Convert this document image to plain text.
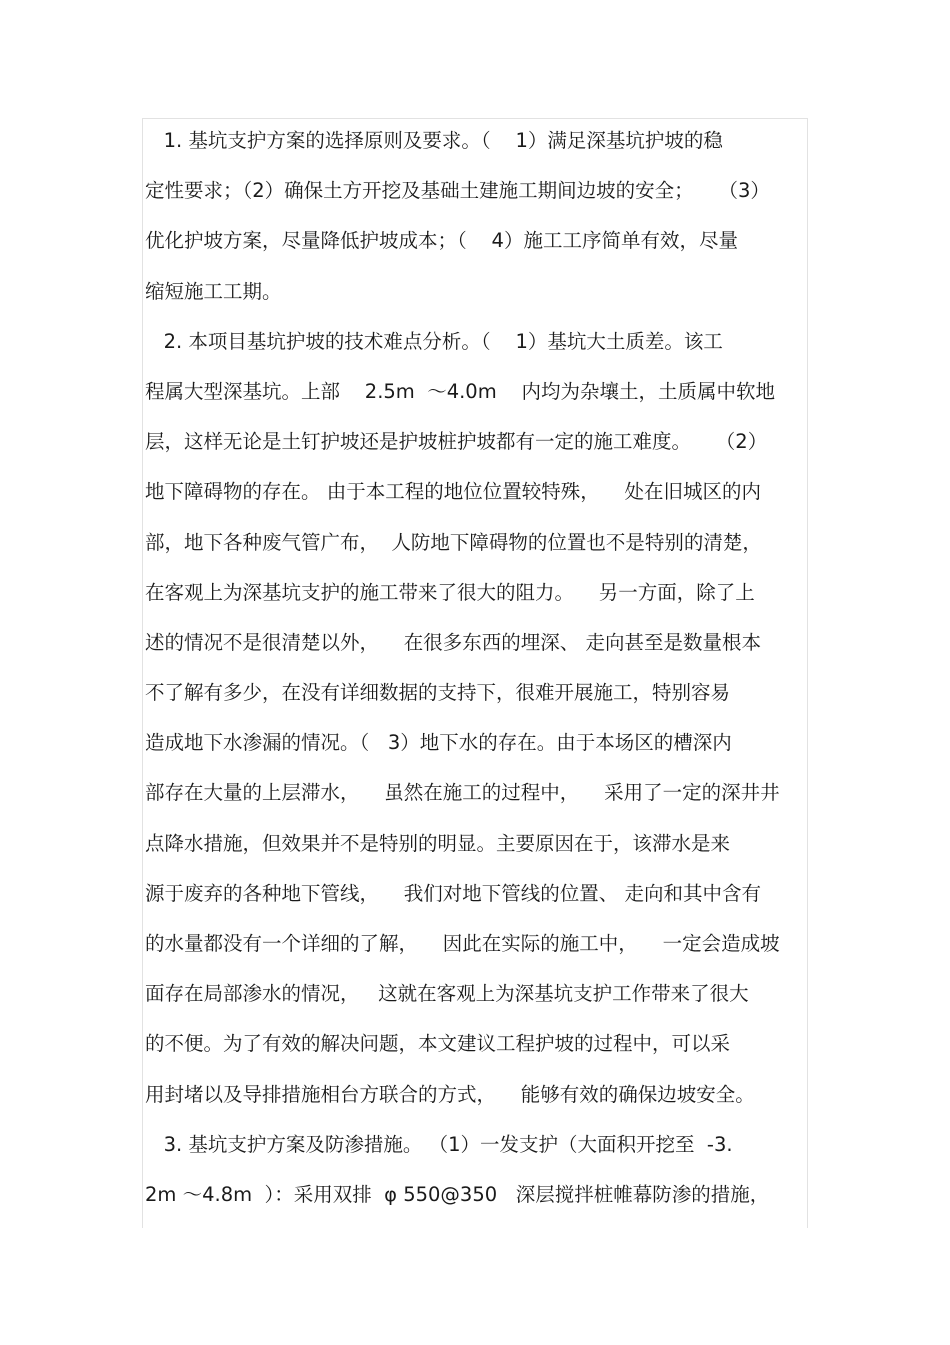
1. 基坑支护方案的选择原则及要求。（    1）满足深基坑护坡的稳
定性要求；（2）确保土方开挖及基础土建施工期间边坡的安全；    （3）
优化护坡方案，尽量降低护坡成本；（    4）施工工序简单有效，尽量
缩短施工工期。
2. 本项目基坑护坡的技术难点分析。（    1）基坑大土质差。该工
程属大型深基坑。上部    2.5m  ～4.0m    内均为杂壤土，土质属中软地
层，这样无论是土钉护坡还是护坡桩护坡都有一定的施工难度。    （2）
地下障碍物的存在。 由于本工程的地位位置较特殊，    处在旧城区的内
部，地下各种废气管广布，  人防地下障碍物的位置也不是特别的清楚，
在客观上为深基坑支护的施工带来了很大的阻力。    另一方面，除了上
述的情况不是很清楚以外，    在很多东西的埋深、 走向甚至是数量根本
不了解有多少，在没有详细数据的支持下，很难开展施工，特别容易
造成地下水渗漏的情况。（   3）地下水的存在。由于本场区的槽深内
部存在大量的上层滞水，    虽然在施工的过程中，    采用了一定的深井井
点降水措施，但效果并不是特别的明显。主要原因在于，该滞水是来
源于废弃的各种地下管线，    我们对地下管线的位置、 走向和其中含有
的水量都没有一个详细的了解，    因此在实际的施工中，    一定会造成坡
面存在局部渗水的情况，   这就在客观上为深基坑支护工作带来了很大
的不便。为了有效的解决问题，本文建议工程护坡的过程中，可以采
用封堵以及导排措施相台方联合的方式，    能够有效的确保边坡安全。
3. 基坑支护方案及防渗措施。 （1）一发支护（大面积开挖至  -3.
2m ～4.8m  ）：采用双排  φ 550@350   深层搅拌桩帷幕防渗的措施，
